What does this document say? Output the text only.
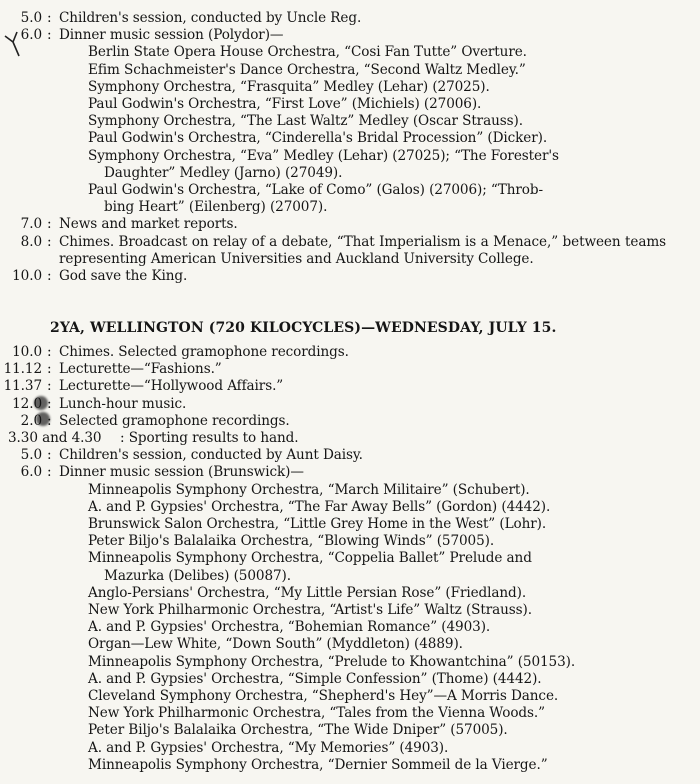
5.0 : Children's session, conducted by Uncle Reg.
6.0 : Dinner music session (Polydor)—
Berlin State Opera House Orchestra, “Cosi Fan Tutte” Overture.
Efim Schachmeister's Dance Orchestra, “Second Waltz Medley.”
Symphony Orchestra, “Frasquita” Medley (Lehar) (27025).
Paul Godwin's Orchestra, “First Love” (Michiels) (27006).
Symphony Orchestra, “The Last Waltz” Medley (Oscar Strauss).
Paul Godwin's Orchestra, “Cinderella's Bridal Procession” (Dicker).
Symphony Orchestra, “Eva” Medley (Lehar) (27025); “The Forester's
Daughter” Medley (Jarno) (27049).
Paul Godwin's Orchestra, “Lake of Como” (Galos) (27006); “Throb-
bing Heart” (Eilenberg) (27007).
7.0 : News and market reports.
8.0 : Chimes. Broadcast on relay of a debate, “That Imperialism is a Menace,” between teams representing American Universities and Auckland University College.
10.0 : God save the King.
2YA, WELLINGTON (720 KILOCYCLES)—WEDNESDAY, JULY 15.
10.0 : Chimes. Selected gramophone recordings.
11.12 : Lecturette—“Fashions.”
11.37 : Lecturette—“Hollywood Affairs.”
12.0 : Lunch-hour music.
2.0 : Selected gramophone recordings.
3.30 and 4.30 : Sporting results to hand.
5.0 : Children's session, conducted by Aunt Daisy.
6.0 : Dinner music session (Brunswick)—
Minneapolis Symphony Orchestra, “March Militaire” (Schubert).
A. and P. Gypsies' Orchestra, “The Far Away Bells” (Gordon) (4442).
Brunswick Salon Orchestra, “Little Grey Home in the West” (Lohr).
Peter Biljo's Balalaika Orchestra, “Blowing Winds” (57005).
Minneapolis Symphony Orchestra, “Coppelia Ballet” Prelude and
Mazurka (Delibes) (50087).
Anglo-Persians' Orchestra, “My Little Persian Rose” (Friedland).
New York Philharmonic Orchestra, “Artist's Life” Waltz (Strauss).
A. and P. Gypsies' Orchestra, “Bohemian Romance” (4903).
Organ—Lew White, “Down South” (Myddleton) (4889).
Minneapolis Symphony Orchestra, “Prelude to Khowantchina” (50153).
A. and P. Gypsies' Orchestra, “Simple Confession” (Thome) (4442).
Cleveland Symphony Orchestra, “Shepherd's Hey”—A Morris Dance.
New York Philharmonic Orchestra, “Tales from the Vienna Woods.”
Peter Biljo's Balalaika Orchestra, “The Wide Dniper” (57005).
A. and P. Gypsies' Orchestra, “My Memories” (4903).
Minneapolis Symphony Orchestra, “Dernier Sommeil de la Vierge.”
